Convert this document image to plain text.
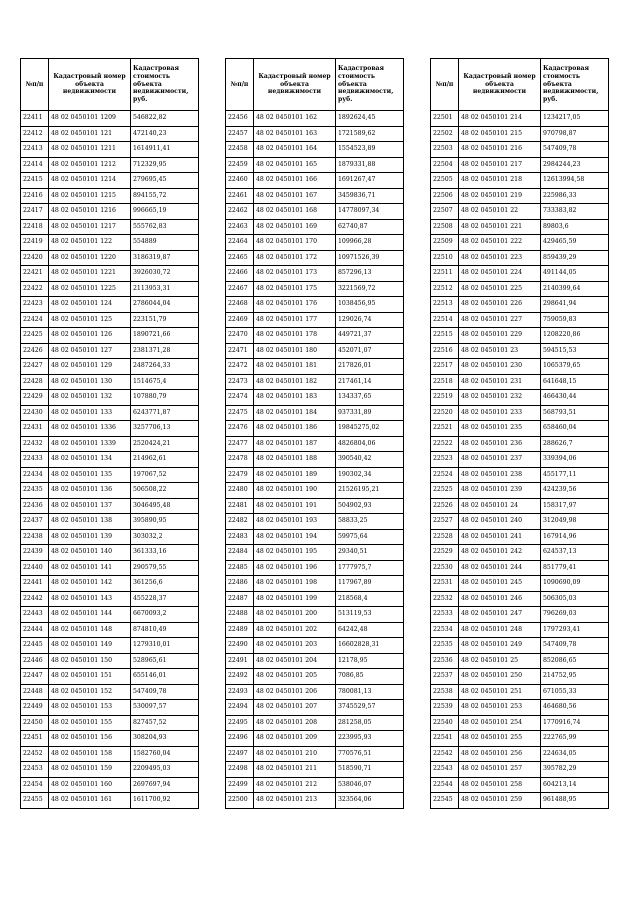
№п/п	Кадастровый номер объекта недвижимости	Кадастровая стоимость объекта недвижимости, руб.
22411	48 02 0450101 1209	546822,82
22412	48 02 0450101 121	472140,23
22413	48 02 0450101 1211	1614911,41
22414	48 02 0450101 1212	712329,95
22415	48 02 0450101 1214	279695,45
22416	48 02 0450101 1215	894155,72
22417	48 02 0450101 1216	996665,19
22418	48 02 0450101 1217	555762,83
22419	48 02 0450101 122	554889
22420	48 02 0450101 1220	3186319,87
22421	48 02 0450101 1221	3926030,72
22422	48 02 0450101 1225	2113953,31
22423	48 02 0450101 124	2786044,04
22424	48 02 0450101 125	223151,79
22425	48 02 0450101 126	1890721,66
22426	48 02 0450101 127	2381371,28
22427	48 02 0450101 129	2487264,33
22428	48 02 0450101 130	1514675,4
22429	48 02 0450101 132	107880,79
22430	48 02 0450101 133	6243771,87
22431	48 02 0450101 1336	3257706,13
22432	48 02 0450101 1339	2520424,21
22433	48 02 0450101 134	214962,61
22434	48 02 0450101 135	197067,52
22435	48 02 0450101 136	506508,22
22436	48 02 0450101 137	3046495,48
22437	48 02 0450101 138	395890,95
22438	48 02 0450101 139	303032,2
22439	48 02 0450101 140	361333,16
22440	48 02 0450101 141	290579,55
22441	48 02 0450101 142	361256,6
22442	48 02 0450101 143	455228,37
22443	48 02 0450101 144	6670093,2
22444	48 02 0450101 148	874810,49
22445	48 02 0450101 149	1279310,01
22446	48 02 0450101 150	528965,61
22447	48 02 0450101 151	655146,01
22448	48 02 0450101 152	547409,78
22449	48 02 0450101 153	530097,57
22450	48 02 0450101 155	827457,52
22451	48 02 0450101 156	308204,93
22452	48 02 0450101 158	1582760,04
22453	48 02 0450101 159	2209495,03
22454	48 02 0450101 160	2697697,94
22455	48 02 0450101 161	1611700,92
№п/п	Кадастровый номер объекта недвижимости	Кадастровая стоимость объекта недвижимости, руб.
22456	48 02 0450101 162	1892624,45
22457	48 02 0450101 163	1721589,62
22458	48 02 0450101 164	1554523,89
22459	48 02 0450101 165	1879331,88
22460	48 02 0450101 166	1691267,47
22461	48 02 0450101 167	3459836,71
22462	48 02 0450101 168	14778097,34
22463	48 02 0450101 169	62740,87
22464	48 02 0450101 170	109966,28
22465	48 02 0450101 172	10971526,39
22466	48 02 0450101 173	857296,13
22467	48 02 0450101 175	3221569,72
22468	48 02 0450101 176	1038456,95
22469	48 02 0450101 177	129026,74
22470	48 02 0450101 178	449721,37
22471	48 02 0450101 180	452071,07
22472	48 02 0450101 181	217826,01
22473	48 02 0450101 182	217461,14
22474	48 02 0450101 183	134337,65
22475	48 02 0450101 184	937331,89
22476	48 02 0450101 186	19845275,02
22477	48 02 0450101 187	4826804,06
22478	48 02 0450101 188	390540,42
22479	48 02 0450101 189	190302,34
22480	48 02 0450101 190	21526195,21
22481	48 02 0450101 191	504902,93
22482	48 02 0450101 193	58833,25
22483	48 02 0450101 194	59975,64
22484	48 02 0450101 195	29340,51
22485	48 02 0450101 196	1777975,7
22486	48 02 0450101 198	117967,89
22487	48 02 0450101 199	218568,4
22488	48 02 0450101 200	513119,53
22489	48 02 0450101 202	64242,48
22490	48 02 0450101 203	16602828,31
22491	48 02 0450101 204	12178,95
22492	48 02 0450101 205	7086,85
22493	48 02 0450101 206	780081,13
22494	48 02 0450101 207	3745529,57
22495	48 02 0450101 208	281258,05
22496	48 02 0450101 209	223995,93
22497	48 02 0450101 210	770576,51
22498	48 02 0450101 211	518590,71
22499	48 02 0450101 212	538046,07
22500	48 02 0450101 213	323564,06
№п/п	Кадастровый номер объекта недвижимости	Кадастровая стоимость объекта недвижимости, руб.
22501	48 02 0450101 214	1234217,05
22502	48 02 0450101 215	970798,87
22503	48 02 0450101 216	547409,78
22504	48 02 0450101 217	2984244,23
22505	48 02 0450101 218	12613994,58
22506	48 02 0450101 219	225986,33
22507	48 02 0450101 22	733383,82
22508	48 02 0450101 221	89803,6
22509	48 02 0450101 222	429465,59
22510	48 02 0450101 223	859439,29
22511	48 02 0450101 224	491144,05
22512	48 02 0450101 225	2140399,64
22513	48 02 0450101 226	298641,94
22514	48 02 0450101 227	759059,83
22515	48 02 0450101 229	1208220,86
22516	48 02 0450101 23	594515,53
22517	48 02 0450101 230	1065379,65
22518	48 02 0450101 231	641648,15
22519	48 02 0450101 232	466430,44
22520	48 02 0450101 233	568793,51
22521	48 02 0450101 235	658460,04
22522	48 02 0450101 236	288626,7
22523	48 02 0450101 237	339394,06
22524	48 02 0450101 238	455177,11
22525	48 02 0450101 239	424239,56
22526	48 02 0450101 24	158317,97
22527	48 02 0450101 240	312049,98
22528	48 02 0450101 241	167914,96
22529	48 02 0450101 242	624537,13
22530	48 02 0450101 244	851779,41
22531	48 02 0450101 245	1090690,09
22532	48 02 0450101 246	506305,03
22533	48 02 0450101 247	796269,03
22534	48 02 0450101 248	1797293,41
22535	48 02 0450101 249	547409,78
22536	48 02 0450101 25	852086,65
22537	48 02 0450101 250	214752,95
22538	48 02 0450101 251	671055,33
22539	48 02 0450101 253	464680,56
22540	48 02 0450101 254	1770916,74
22541	48 02 0450101 255	222765,99
22542	48 02 0450101 256	224634,05
22543	48 02 0450101 257	395782,29
22544	48 02 0450101 258	604213,14
22545	48 02 0450101 259	961488,95
